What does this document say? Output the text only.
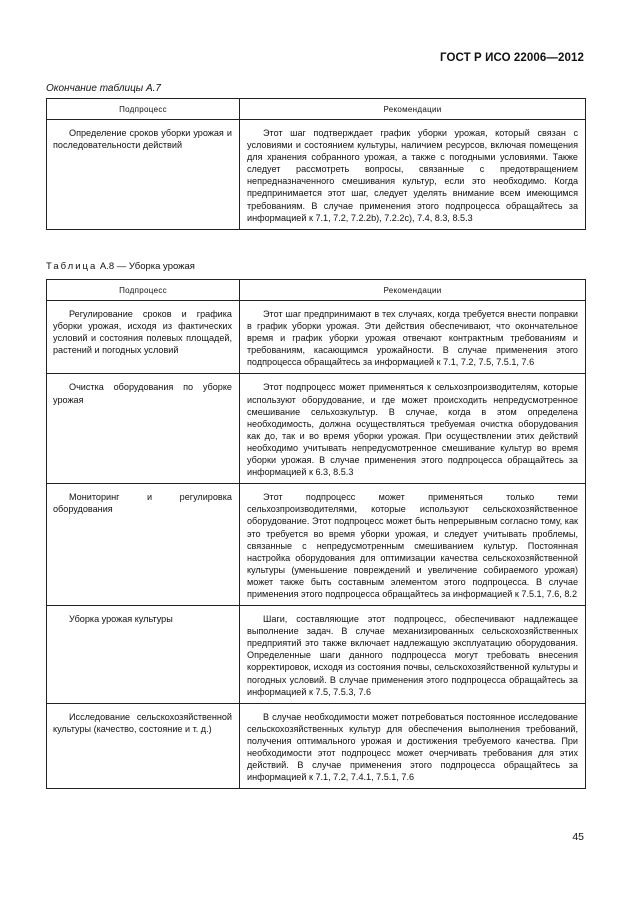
ГОСТ Р ИСО 22006—2012
Окончание таблицы А.7
Подпроцесс	Рекомендации

Определение сроков уборки урожая и последовательности действий	Этот шаг подтверждает график уборки урожая, который связан с условиями и состоянием культуры, наличием ресурсов, включая помещения для хранения собранного урожая, а также с погодными условиями. Также следует рассмотреть вопросы, связанные с предотвращением непредназначенного смешивания культур, если это необходимо. Когда предпринимается этот шаг, следует уделять внимание всем имеющимся требованиям. В случае применения этого подпроцесса обращайтесь за информацией к 7.1, 7.2, 7.2.2b), 7.2.2c), 7.4, 8.3, 8.5.3
Таблица А.8 — Уборка урожая
Подпроцесс	Рекомендации

Регулирование сроков и графика уборки урожая, исходя из фактических условий и состояния полевых площадей, растений и погодных условий	Этот шаг предпринимают в тех случаях, когда требуется внести поправки в график уборки урожая. Эти действия обеспечивают, что окончательное время и график уборки урожая отвечают контрактным требованиям и требованиям, касающимся урожайности. В случае применения этого подпроцесса обращайтесь за информацией к 7.1, 7.2, 7.5, 7.5.1, 7.6

Очистка оборудования по уборке урожая	Этот подпроцесс может применяться к сельхозпроизводителям, которые используют оборудование, и где может происходить непредусмотренное смешивание сельхозкультур. В случае, когда в этом определена необходимость, должна осуществляться требуемая очистка оборудования как до, так и во время уборки урожая. При осуществлении этих действий необходимо учитывать непредусмотренное смешивание культур во время уборки урожая. В случае применения этого подпроцесса обращайтесь за информацией к 6.3, 8.5.3

Мониторинг и регулировка оборудования	Этот подпроцесс может применяться только теми сельхозпроизводителями, которые используют сельскохозяйственное оборудование. Этот подпроцесс может быть непрерывным согласно тому, как это требуется во время уборки урожая, и следует учитывать проблемы, связанные с непредусмотренным смешиванием культур. Постоянная настройка оборудования для оптимизации качества сельскохозяйственной культуры (уменьшение повреждений и увеличение собираемого урожая) может также быть составным элементом этого подпроцесса. В случае применения этого подпроцесса обращайтесь за информацией к 7.5.1, 7.6, 8.2

Уборка урожая культуры	Шаги, составляющие этот подпроцесс, обеспечивают надлежащее выполнение задач. В случае механизированных сельскохозяйственных предприятий это также включает надлежащую эксплуатацию оборудования. Определенные шаги данного подпроцесса могут требовать внесения корректировок, исходя из состояния почвы, сельскохозяйственной культуры и погодных условий. В случае применения этого подпроцесса обращайтесь за информацией к 7.5, 7.5.3, 7.6

Исследование сельскохозяйственной культуры (качество, состояние и т. д.)	В случае необходимости может потребоваться постоянное исследование сельскохозяйственных культур для обеспечения выполнения требований, получения оптимального урожая и достижения требуемого качества. При необходимости этот подпроцесс может очерчивать требования для этих действий. В случае применения этого подпроцесса обращайтесь за информацией к 7.1, 7.2, 7.4.1, 7.5.1, 7.6
45
